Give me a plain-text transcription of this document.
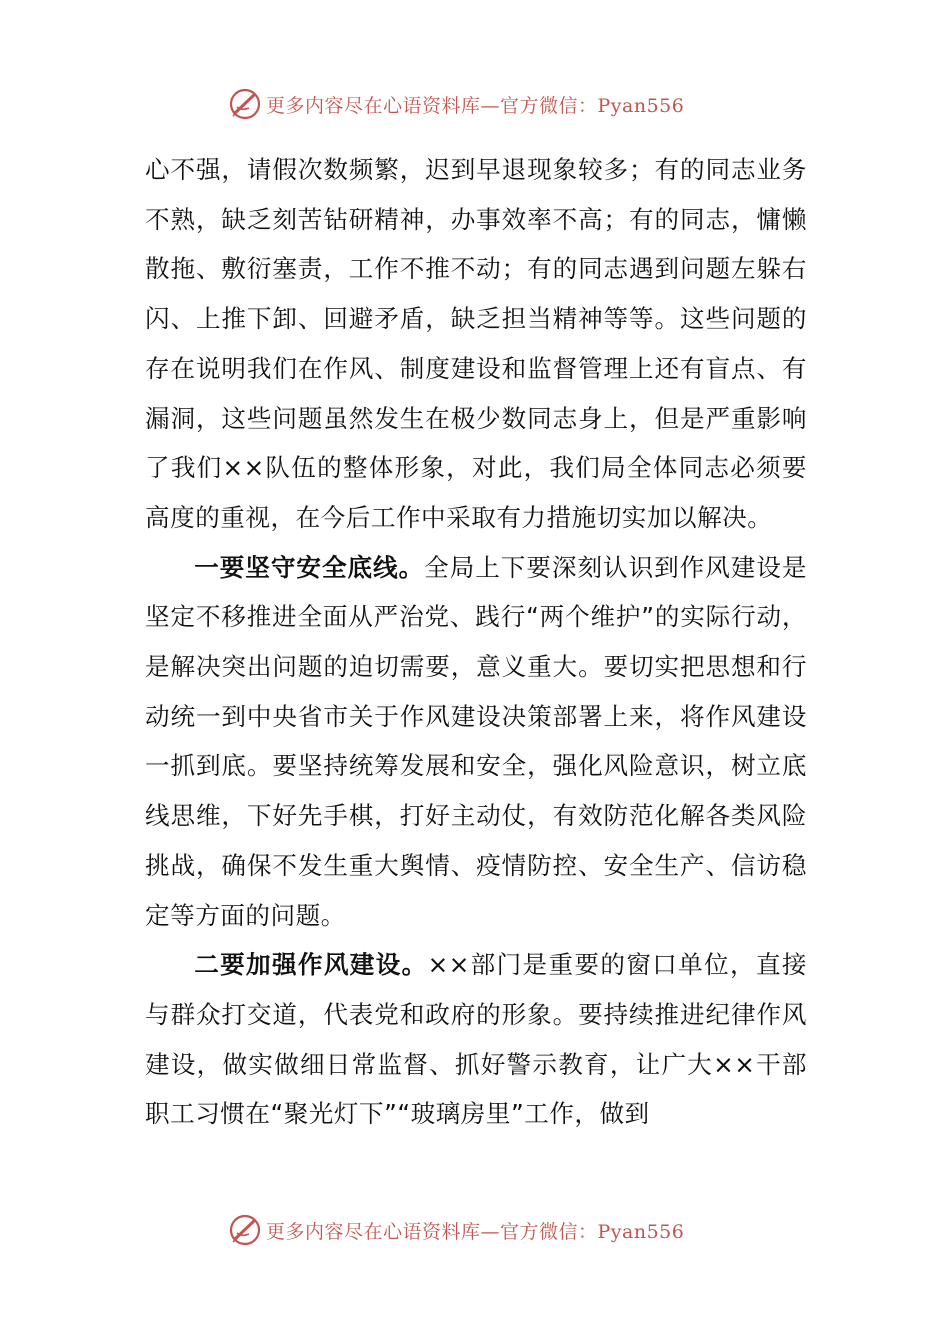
更多内容尽在心语资料库—官方微信：Pyan556

心不强，请假次数频繁，迟到早退现象较多；有的同志业务不熟，缺乏刻苦钻研精神，办事效率不高；有的同志，慵懒散拖、敷衍塞责，工作不推不动；有的同志遇到问题左躲右闪、上推下卸、回避矛盾，缺乏担当精神等等。这些问题的存在说明我们在作风、制度建设和监督管理上还有盲点、有漏洞，这些问题虽然发生在极少数同志身上，但是严重影响了我们××队伍的整体形象，对此，我们局全体同志必须要高度的重视，在今后工作中采取有力措施切实加以解决。

一要坚守安全底线。全局上下要深刻认识到作风建设是坚定不移推进全面从严治党、践行“两个维护”的实际行动，是解决突出问题的迫切需要，意义重大。要切实把思想和行动统一到中央省市关于作风建设决策部署上来，将作风建设一抓到底。要坚持统筹发展和安全，强化风险意识，树立底线思维，下好先手棋，打好主动仗，有效防范化解各类风险挑战，确保不发生重大舆情、疫情防控、安全生产、信访稳定等方面的问题。

二要加强作风建设。××部门是重要的窗口单位，直接与群众打交道，代表党和政府的形象。要持续推进纪律作风建设，做实做细日常监督、抓好警示教育，让广大××干部职工习惯在“聚光灯下”“玻璃房里”工作，做到

更多内容尽在心语资料库—官方微信：Pyan556
